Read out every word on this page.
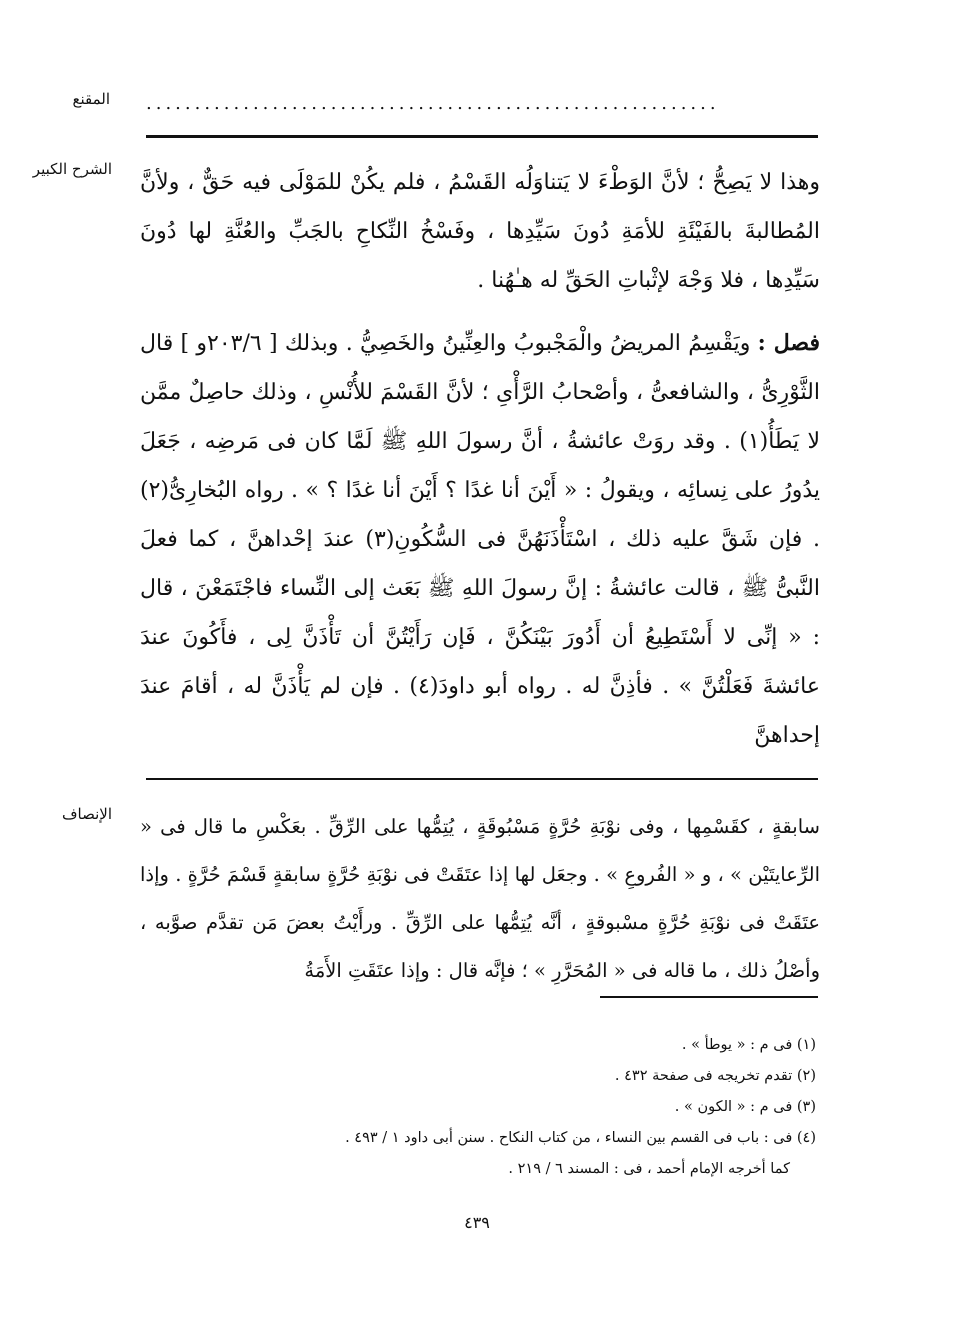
...........................................................
المقنع
الشرح الكبير

وهذا لا يَصِحُّ ؛ لأنَّ الوَطْءَ لا يَتناوَلُه القَسْمُ ، فلم يكُنْ للمَوْلَى فيه حَقٌّ ، ولأنَّ المُطالبةَ بالفَيْئَةِ للأمَةِ دُونَ سَيِّدِها ، وفَسْخُ النِّكاحِ بالجَبِّ والعُنَّةِ لها دُونَ سَيِّدِها ، فلا وَجْهَ لإثْباتِ الحَقِّ له هـٰهُنا .

فصل : ويَقْسِمُ المريضُ والْمَجْبوبُ والعِنِّينُ والخَصِيُّ . وبذلك [ ٢٠٣/٦و ] قال الثَّوْرِىُّ ، والشافعىُّ ، وأصْحابُ الرَّأْىِ ؛ لأنَّ القَسْمَ للأُنْسِ ، وذلك حاصِلٌ ممَّن لا يَطَأُ(١) . وقد روَتْ عائشةُ ، أنَّ رسولَ اللهِ ﷺ لَمَّا كان فى مَرضِه ، جَعَلَ يدُورُ على نِسائِه ، ويقولُ : « أَيْنَ أنا غدًا ؟ أَيْنَ أنا غدًا ؟ » . رواه البُخارِىُّ(٢) . فإن شَقَّ عليه ذلك ، اسْتَأْذَنَهُنَّ فى السُّكُونِ(٣) عندَ إحْداهنَّ ، كما فعلَ النَّبىُّ ﷺ ، قالت عائشةُ : إنَّ رسولَ اللهِ ﷺ بَعَث إلى النِّساء فاجْتَمَعْنَ ، قال : « إنِّى لا أَسْتَطِيعُ أن أَدُورَ بَيْنَكُنَّ ، فَإن رَأَيْتُنَّ أن تَأْذَنَّ لِى ، فأَكُونَ عندَ عائشةَ فَعَلْتُنَّ » . فأذِنَّ له . رواه أبو داودَ(٤) . فإن لم يَأْذَنَّ له ، أقامَ عندَ إحداهنَّ

الإنصاف

سابقةٍ ، كقَسْمِها ، وفى نوْبَةِ حُرَّةٍ مَسْبُوقَةٍ ، يُتِمُّها على الرِّقِّ . بعَكْسِ ما قال فى « الرِّعايتَيْن » ، و « الفُروعِ » . وجعَل لها إذا عتَقَتْ فى نوْبَةِ حُرَّةٍ سابقةٍ قَسْمَ حُرَّةٍ . وإذا عتَقَتْ فى نوْبَةِ حُرَّةٍ مسْبوقةٍ ، أنَّه يُتِمُّها على الرِّقِّ . ورأَيْتُ بعضَ مَن تقدَّم صوَّبه ، وأصْلُ ذلك ، ما قاله فى « المُحَرَّرِ » ؛ فإنَّه قال : وإذا عتَقَتِ الأَمَةُ

(١) فى م : « يوطأ » .
(٢) تقدم تخريجه فى صفحة ٤٣٢ .
(٣) فى م : « الكون » .
(٤) فى : باب فى القسم بين النساء ، من كتاب النكاح . سنن أبى داود ١ / ٤٩٣ .
كما أخرجه الإمام أحمد ، فى : المسند ٦ / ٢١٩ .
٤٣٩
